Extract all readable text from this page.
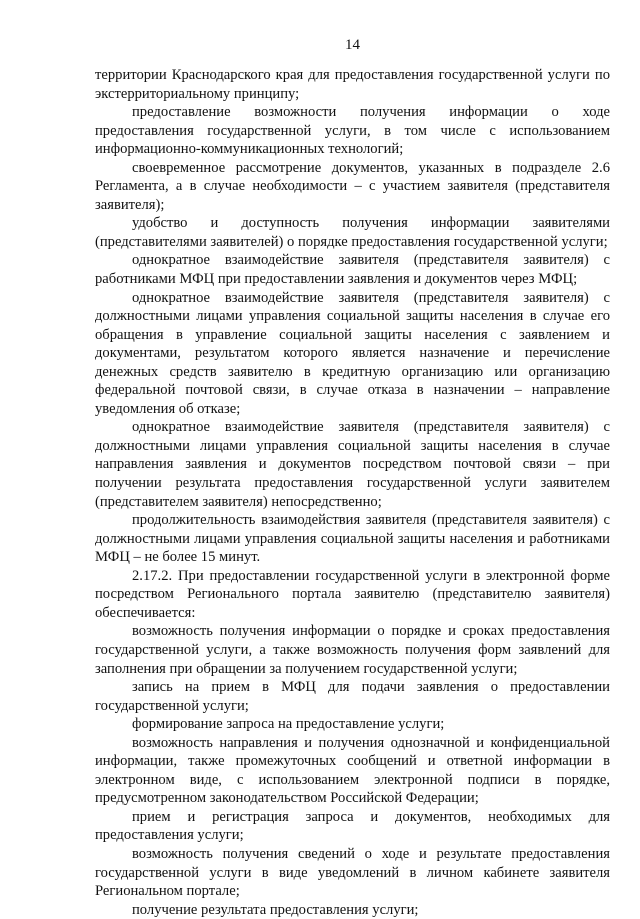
14

территории Краснодарского края для предоставления государственной услуги по экстерриториальному принципу;

предоставление возможности получения информации о ходе предоставления государственной услуги, в том числе с использованием информационно-коммуникационных технологий;

своевременное рассмотрение документов, указанных в подразделе 2.6 Регламента, а в случае необходимости – с участием заявителя (представителя заявителя);

удобство и доступность получения информации заявителями (представителями заявителей) о порядке предоставления государственной услуги;

однократное взаимодействие заявителя (представителя заявителя) с работниками МФЦ при предоставлении заявления и документов через МФЦ;

однократное взаимодействие заявителя (представителя заявителя) с должностными лицами управления социальной защиты населения в случае его обращения в управление социальной защиты населения с заявлением и документами, результатом которого является назначение и перечисление денежных средств заявителю в кредитную организацию или организацию федеральной почтовой связи, в случае отказа в назначении – направление уведомления об отказе;

однократное взаимодействие заявителя (представителя заявителя) с должностными лицами управления социальной защиты населения в случае направления заявления и документов посредством почтовой связи – при получении результата предоставления государственной услуги заявителем (представителем заявителя) непосредственно;

продолжительность взаимодействия заявителя (представителя заявителя) с должностными лицами управления социальной защиты населения и работниками МФЦ – не более 15 минут.

2.17.2. При предоставлении государственной услуги в электронной форме посредством Регионального портала заявителю (представителю заявителя) обеспечивается:

возможность получения информации о порядке и сроках предоставления государственной услуги, а также возможность получения форм заявлений для заполнения при обращении за получением государственной услуги;

запись на прием в МФЦ для подачи заявления о предоставлении государственной услуги;

формирование запроса на предоставление услуги;

возможность направления и получения однозначной и конфиденциальной информации, также промежуточных сообщений и ответной информации в электронном виде, с использованием электронной подписи в порядке, предусмотренном законодательством Российской Федерации;

прием и регистрация запроса и документов, необходимых для предоставления услуги;

возможность получения сведений о ходе и результате предоставления государственной услуги в виде уведомлений в личном кабинете заявителя Региональном портале;

получение результата предоставления услуги;
